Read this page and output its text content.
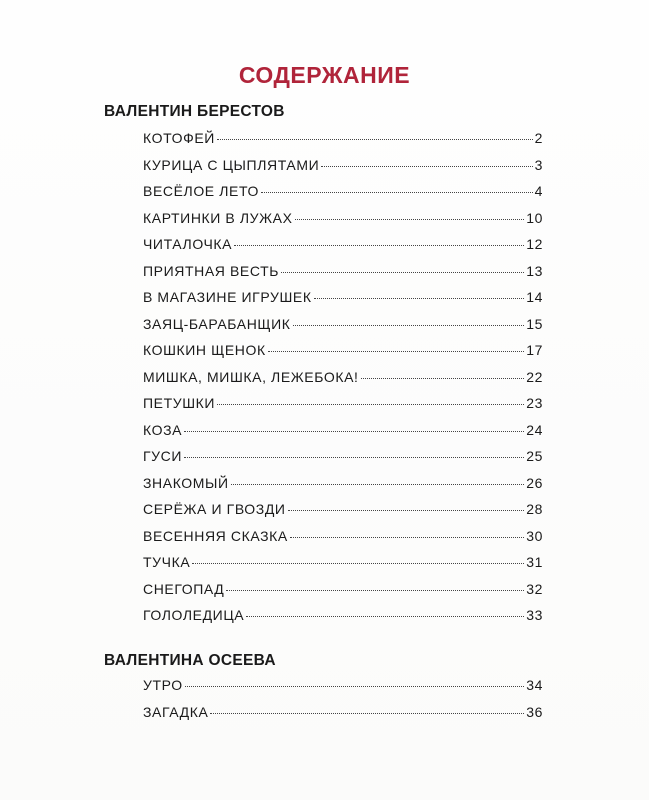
СОДЕРЖАНИЕ
ВАЛЕНТИН БЕРЕСТОВ
КОТОФЕЙ	2
КУРИЦА С ЦЫПЛЯТАМИ	3
ВЕСЁЛОЕ ЛЕТО	4
КАРТИНКИ В ЛУЖАХ	10
ЧИТАЛОЧКА	12
ПРИЯТНАЯ ВЕСТЬ	13
В МАГАЗИНЕ ИГРУШЕК	14
ЗАЯЦ-БАРАБАНЩИК	15
КОШКИН ЩЕНОК	17
МИШКА, МИШКА, ЛЕЖЕБОКА!	22
ПЕТУШКИ	23
КОЗА	24
ГУСИ	25
ЗНАКОМЫЙ	26
СЕРЁЖА И ГВОЗДИ	28
ВЕСЕННЯЯ СКАЗКА	30
ТУЧКА	31
СНЕГОПАД	32
ГОЛОЛЕДИЦА	33
ВАЛЕНТИНА ОСЕЕВА
УТРО	34
ЗАГАДКА	36
